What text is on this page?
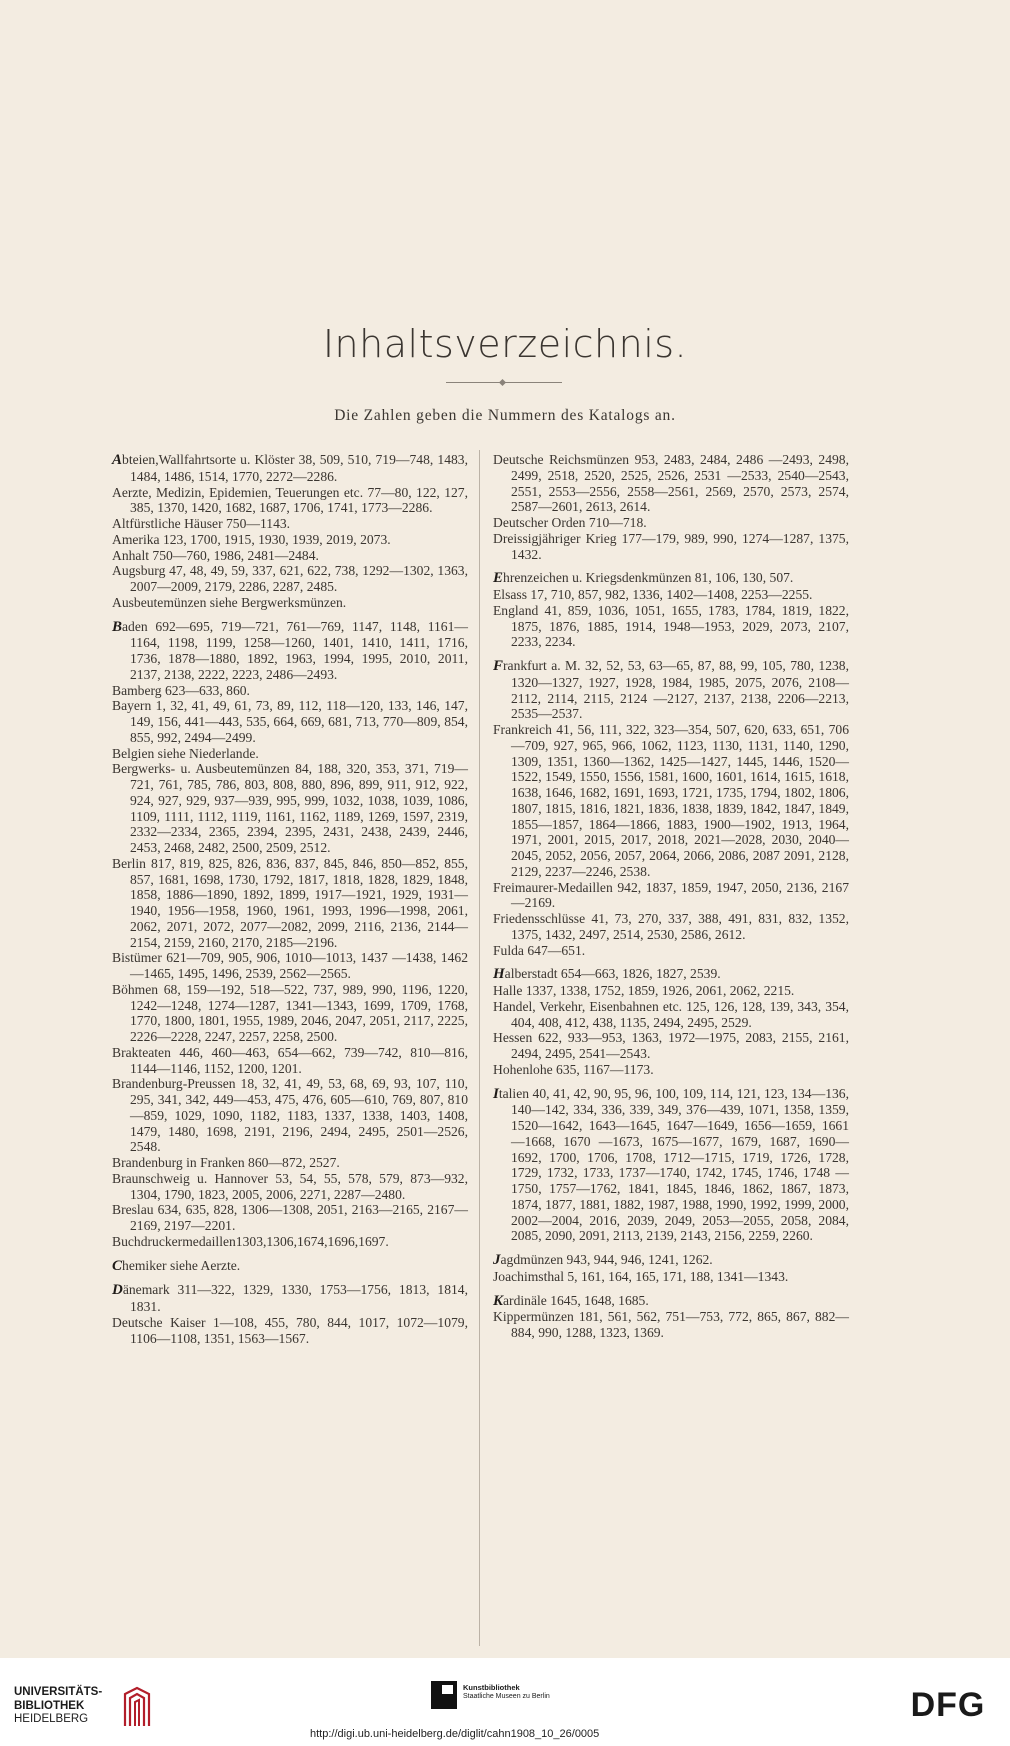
Inhaltsverzeichnis.
Die Zahlen geben die Nummern des Katalogs an.
Abteien,Wallfahrtsorte u. Klöster 38, 509, 510, 719—748, 1483, 1484, 1486, 1514, 1770, 2272—2286.
Aerzte, Medizin, Epidemien, Teuerungen etc. 77—80, 122, 127, 385, 1370, 1420, 1682, 1687, 1706, 1741, 1773—2286.
Altfürstliche Häuser 750—1143.
Amerika 123, 1700, 1915, 1930, 1939, 2019, 2073.
Anhalt 750—760, 1986, 2481—2484.
Augsburg 47, 48, 49, 59, 337, 621, 622, 738, 1292—1302, 1363, 2007—2009, 2179, 2286, 2287, 2485.
Ausbeutemünzen siehe Bergwerksmünzen.
Baden 692—695, 719—721, 761—769, 1147, 1148, 1161—1164, 1198, 1199, 1258—1260, 1401, 1410, 1411, 1716, 1736, 1878—1880, 1892, 1963, 1994, 1995, 2010, 2011, 2137, 2138, 2222, 2223, 2486—2493.
Bamberg 623—633, 860.
Bayern 1, 32, 41, 49, 61, 73, 89, 112, 118—120, 133, 146, 147, 149, 156, 441—443, 535, 664, 669, 681, 713, 770—809, 854, 855, 992, 2494—2499.
Belgien siehe Niederlande.
Bergwerks- u. Ausbeutemünzen 84, 188, 320, 353, 371, 719—721, 761, 785, 786, 803, 808, 880, 896, 899, 911, 912, 922, 924, 927, 929, 937—939, 995, 999, 1032, 1038, 1039, 1086, 1109, 1111, 1112, 1119, 1161, 1162, 1189, 1269, 1597, 2319, 2332—2334, 2365, 2394, 2395, 2431, 2438, 2439, 2446, 2453, 2468, 2482, 2500, 2509, 2512.
Berlin 817, 819, 825, 826, 836, 837, 845, 846, 850—852, 855, 857, 1681, 1698, 1730, 1792, 1817, 1818, 1828, 1829, 1848, 1858, 1886—1890, 1892, 1899, 1917—1921, 1929, 1931—1940, 1956—1958, 1960, 1961, 1993, 1996—1998, 2061, 2062, 2071, 2072, 2077—2082, 2099, 2116, 2136, 2144—2154, 2159, 2160, 2170, 2185—2196.
Bistümer 621—709, 905, 906, 1010—1013, 1437 —1438, 1462—1465, 1495, 1496, 2539, 2562—2565.
Böhmen 68, 159—192, 518—522, 737, 989, 990, 1196, 1220, 1242—1248, 1274—1287, 1341—1343, 1699, 1709, 1768, 1770, 1800, 1801, 1955, 1989, 2046, 2047, 2051, 2117, 2225, 2226—2228, 2247, 2257, 2258, 2500.
Brakteaten 446, 460—463, 654—662, 739—742, 810—816, 1144—1146, 1152, 1200, 1201.
Brandenburg-Preussen 18, 32, 41, 49, 53, 68, 69, 93, 107, 110, 295, 341, 342, 449—453, 475, 476, 605—610, 769, 807, 810—859, 1029, 1090, 1182, 1183, 1337, 1338, 1403, 1408, 1479, 1480, 1698, 2191, 2196, 2494, 2495, 2501—2526, 2548.
Brandenburg in Franken 860—872, 2527.
Braunschweig u. Hannover 53, 54, 55, 578, 579, 873—932, 1304, 1790, 1823, 2005, 2006, 2271, 2287—2480.
Breslau 634, 635, 828, 1306—1308, 2051, 2163—2165, 2167—2169, 2197—2201.
Buchdruckermedaillen1303,1306,1674,1696,1697.
Chemiker siehe Aerzte.
Dänemark 311—322, 1329, 1330, 1753—1756, 1813, 1814, 1831.
Deutsche Kaiser 1—108, 455, 780, 844, 1017, 1072—1079, 1106—1108, 1351, 1563—1567.
Deutsche Reichsmünzen 953, 2483, 2484, 2486 —2493, 2498, 2499, 2518, 2520, 2525, 2526, 2531 —2533, 2540—2543, 2551, 2553—2556, 2558—2561, 2569, 2570, 2573, 2574, 2587—2601, 2613, 2614.
Deutscher Orden 710—718.
Dreissigjähriger Krieg 177—179, 989, 990, 1274—1287, 1375, 1432.
Ehrenzeichen u. Kriegsdenkmünzen 81, 106, 130, 507.
Elsass 17, 710, 857, 982, 1336, 1402—1408, 2253—2255.
England 41, 859, 1036, 1051, 1655, 1783, 1784, 1819, 1822, 1875, 1876, 1885, 1914, 1948—1953, 2029, 2073, 2107, 2233, 2234.
Frankfurt a. M. 32, 52, 53, 63—65, 87, 88, 99, 105, 780, 1238, 1320—1327, 1927, 1928, 1984, 1985, 2075, 2076, 2108—2112, 2114, 2115, 2124 —2127, 2137, 2138, 2206—2213, 2535—2537.
Frankreich 41, 56, 111, 322, 323—354, 507, 620, 633, 651, 706—709, 927, 965, 966, 1062, 1123, 1130, 1131, 1140, 1290, 1309, 1351, 1360—1362, 1425—1427, 1445, 1446, 1520—1522, 1549, 1550, 1556, 1581, 1600, 1601, 1614, 1615, 1618, 1638, 1646, 1682, 1691, 1693, 1721, 1735, 1794, 1802, 1806, 1807, 1815, 1816, 1821, 1836, 1838, 1839, 1842, 1847, 1849, 1855—1857, 1864—1866, 1883, 1900—1902, 1913, 1964, 1971, 2001, 2015, 2017, 2018, 2021—2028, 2030, 2040—2045, 2052, 2056, 2057, 2064, 2066, 2086, 2087 2091, 2128, 2129, 2237—2246, 2538.
Freimaurer-Medaillen 942, 1837, 1859, 1947, 2050, 2136, 2167—2169.
Friedensschlüsse 41, 73, 270, 337, 388, 491, 831, 832, 1352, 1375, 1432, 2497, 2514, 2530, 2586, 2612.
Fulda 647—651.
Halberstadt 654—663, 1826, 1827, 2539.
Halle 1337, 1338, 1752, 1859, 1926, 2061, 2062, 2215.
Handel, Verkehr, Eisenbahnen etc. 125, 126, 128, 139, 343, 354, 404, 408, 412, 438, 1135, 2494, 2495, 2529.
Hessen 622, 933—953, 1363, 1972—1975, 2083, 2155, 2161, 2494, 2495, 2541—2543.
Hohenlohe 635, 1167—1173.
Italien 40, 41, 42, 90, 95, 96, 100, 109, 114, 121, 123, 134—136, 140—142, 334, 336, 339, 349, 376—439, 1071, 1358, 1359, 1520—1642, 1643—1645, 1647—1649, 1656—1659, 1661—1668, 1670 —1673, 1675—1677, 1679, 1687, 1690—1692, 1700, 1706, 1708, 1712—1715, 1719, 1726, 1728, 1729, 1732, 1733, 1737—1740, 1742, 1745, 1746, 1748 —1750, 1757—1762, 1841, 1845, 1846, 1862, 1867, 1873, 1874, 1877, 1881, 1882, 1987, 1988, 1990, 1992, 1999, 2000, 2002—2004, 2016, 2039, 2049, 2053—2055, 2058, 2084, 2085, 2090, 2091, 2113, 2139, 2143, 2156, 2259, 2260.
Jagdmünzen 943, 944, 946, 1241, 1262.
Joachimsthal 5, 161, 164, 165, 171, 188, 1341—1343.
Kardinäle 1645, 1648, 1685.
Kippermünzen 181, 561, 562, 751—753, 772, 865, 867, 882—884, 990, 1288, 1323, 1369.
UNIVERSITÄTS-
BIBLIOTHEK
HEIDELBERG
Kunstbibliothek
Staatliche Museen zu Berlin	DFG
http://digi.ub.uni-heidelberg.de/diglit/cahn1908_10_26/0005
